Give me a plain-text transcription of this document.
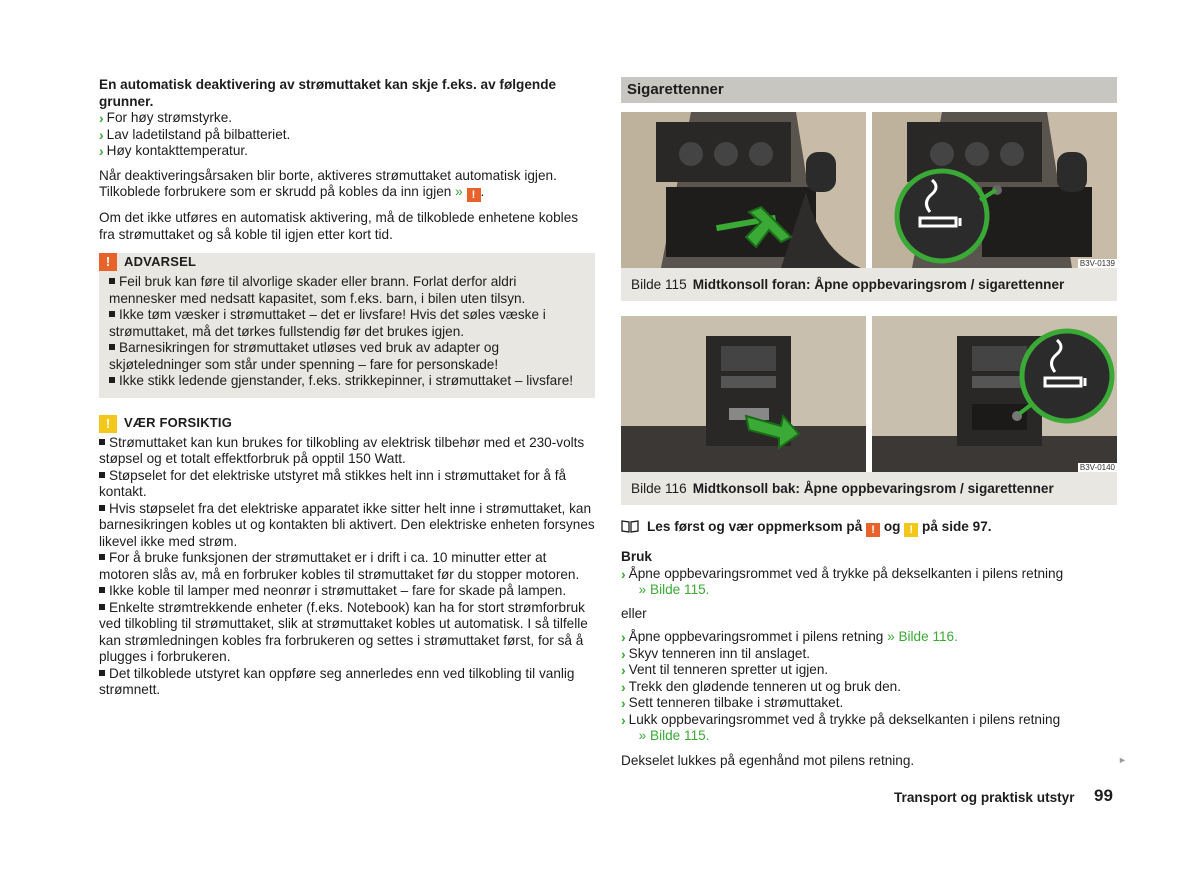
En automatisk deaktivering av strømuttaket kan skje f.eks. av følgende grunner.

› For høy strømstyrke.
› Lav ladetilstand på bilbatteriet.
› Høy kontakttemperatur.

Når deaktiveringsårsaken blir borte, aktiveres strømuttaket automatisk igjen. Tilkoblede forbrukere som er skrudd på kobles da inn igjen » ! .

Om det ikke utføres en automatisk aktivering, må de tilkoblede enhetene kobles fra strømuttaket og så koble til igjen etter kort tid.

!	ADVARSEL

Feil bruk kan føre til alvorlige skader eller brann. Forlat derfor aldri mennesker med nedsatt kapasitet, som f.eks. barn, i bilen uten tilsyn.

Ikke tøm væsker i strømuttaket – det er livsfare! Hvis det søles væske i strømuttaket, må det tørkes fullstendig før det brukes igjen.

Barnesikringen for strømuttaket utløses ved bruk av adapter og skjøteledninger som står under spenning – fare for personskade!

Ikke stikk ledende gjenstander, f.eks. strikkepinner, i strømuttaket – livsfare!

!	VÆR FORSIKTIG

Strømuttaket kan kun brukes for tilkobling av elektrisk tilbehør med et 230-volts støpsel og et totalt effektforbruk på opptil 150 Watt.

Støpselet for det elektriske utstyret må stikkes helt inn i strømuttaket for å få kontakt.

Hvis støpselet fra det elektriske apparatet ikke sitter helt inne i strømuttaket, kan barnesikringen kobles ut og kontakten bli aktivert. Den elektriske enheten forsynes likevel ikke med strøm.

For å bruke funksjonen der strømuttaket er i drift i ca. 10 minutter etter at motoren slås av, må en forbruker kobles til strømuttaket før du stopper motoren.

Ikke koble til lamper med neonrør i strømuttaket – fare for skade på lampen.

Enkelte strømtrekkende enheter (f.eks. Notebook) kan ha for stort strømforbruk ved tilkobling til strømuttaket, slik at strømuttaket kobles ut automatisk. I så tilfelle kan strømledningen kobles fra forbrukeren og settes i strømuttaket først, for så å plugges i forbrukeren.

Det tilkoblede utstyret kan oppføre seg annerledes enn ved tilkobling til vanlig strømnett.

Sigarettenner
B3V-0139
Bilde 115 Midtkonsoll foran: Åpne oppbevaringsrom / sigarettenner
B3V-0140
Bilde 116 Midtkonsoll bak: Åpne oppbevaringsrom / sigarettenner

Les først og vær oppmerksom på ! og ! på side 97.

Bruk

› Åpne oppbevaringsrommet ved å trykke på dekselkanten i pilens retning
» Bilde 115.

eller

› Åpne oppbevaringsrommet i pilens retning » Bilde 116.
› Skyv tenneren inn til anslaget.
› Vent til tenneren spretter ut igjen.
› Trekk den glødende tenneren ut og bruk den.
› Sett tenneren tilbake i strømuttaket.
› Lukk oppbevaringsrommet ved å trykke på dekselkanten i pilens retning
» Bilde 115.

Dekselet lukkes på egenhånd mot pilens retning.	►
Transport og praktisk utstyr 99
